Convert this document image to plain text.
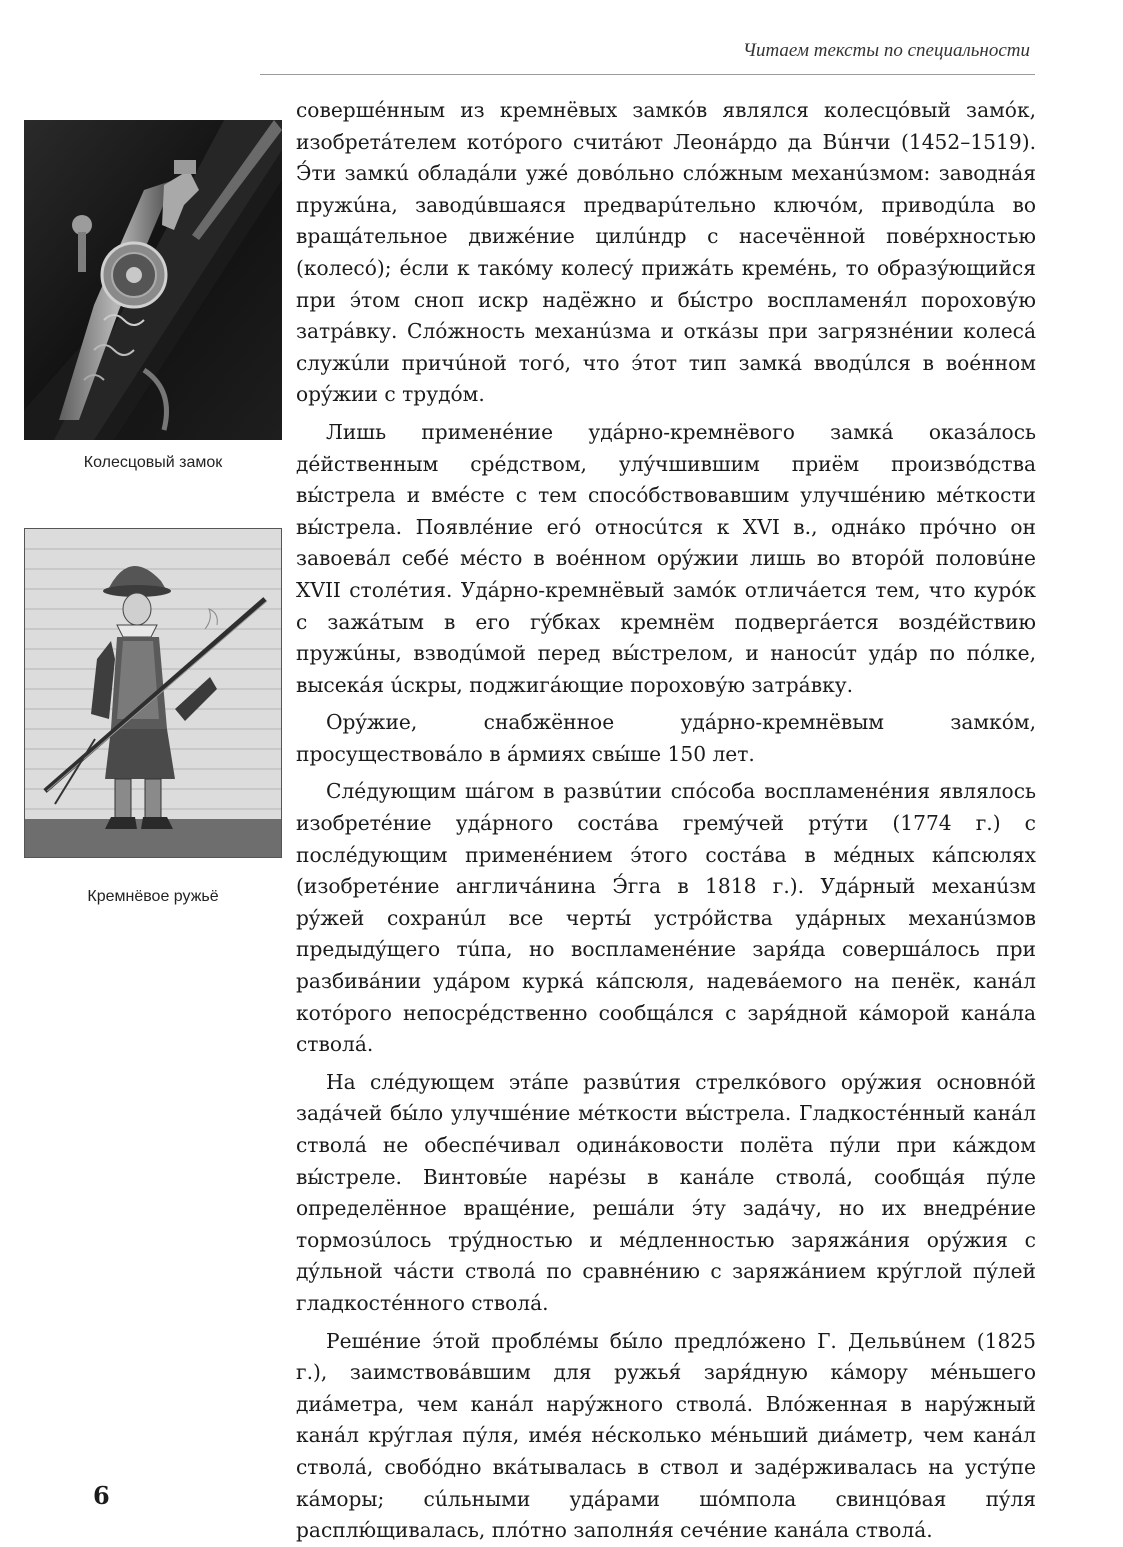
Читаем тексты по специальности
Колесцовый замок
Кремнёвое ружьё

совершéнным из кремнёвых замкóв являлся колесцóвый замóк, изобретáтелем котóрого считáют Леонáрдо да Вúнчи (1452–1519). Э́ти замкú обладáли ужé довóльно слóжным механúзмом: заводнáя пружúна, заводúвшаяся предварúтельно ключóм, приводúла во вращáтельное движéние цилúндр с насечённой повéрхностью (колесó); éсли к такóму колесý прижáть кремéнь, то образýющийся при э́том сноп искр надёжно и бы́стро воспламеня́л порохову́ю затрáвку. Слóжность механúзма и откáзы при загрязнéнии колесá служúли причúной тогó, что э́тот тип замкá вводúлся в воéнном орýжии с трудóм.

Лишь применéние удáрно-кремнёвого замкá оказáлось дéйственным срéдством, улýчшившим приём произвóдства вы́стрела и вмéсте с тем спосóбствовавшим улучшéнию мéткости вы́стрела. Появлéние егó относúтся к XVI в., однáко прóчно он завоевáл себé мéсто в воéнном орýжии лишь во вторóй половúне XVII столéтия. Удáрно-кремнёвый замóк отличáется тем, что курóк с зажáтым в его гýбках кремнём подвергáется воздéйствию пружúны, взводúмой перед вы́стрелом, и наносúт удáр по пóлке, высекáя úскры, поджигáющие порохову́ю затрáвку.

Орýжие, снабжённое удáрно-кремнёвым замкóм, просуществовáло в áрмиях свы́ше 150 лет.

Слéдующим шáгом в развúтии спóсоба воспламенéния являлось изобретéние удáрного состáва гремýчей ртýти (1774 г.) с послéдующим применéнием э́того состáва в мéдных кáпсюлях (изобретéние англичáнина Э́гга в 1818 г.). Удáрный механúзм рýжей сохранúл все черты́ устрóйства удáрных механúзмов предыдýщего тúпа, но воспламенéние заря́да совершáлось при разбивáнии удáром куркá кáпсюля, надевáемого на пенёк, канáл котóрого непосрéдственно сообщáлся с заря́дной кáморой канáла стволá.

На слéдующем этáпе развúтия стрелкóвого орýжия основнóй задáчей бы́ло улучшéние мéткости вы́стрела. Гладкостéнный канáл стволá не обеспéчивал одинáковости полёта пýли при кáждом вы́стреле. Винтовы́е нарéзы в канáле стволá, сообщáя пýле определённое вращéние, решáли э́ту задáчу, но их внедрéние тормозúлось трýдностью и мéдленностью заряжáния орýжия с дýльной чáсти стволá по сравнéнию с заряжáнием крýглой пýлей гладкостéнного стволá.

Решéние э́той проблéмы бы́ло предлóжено Г. Дельвúнем (1825 г.), заимствовáвшим для ружья́ заря́дную кáмору мéньшего диáметра, чем канáл нарýжного стволá. Влóженная в нарýжный канáл крýглая пýля, имéя нéсколько мéньший диáметр, чем канáл стволá, свобóдно вкáтывалась в ствол и задéрживалась на устýпе кáморы; сúльными удáрами шóмпола свинцóвая пýля расплю́щивалась, плóтно заполня́я сечéние канáла стволá.

6
